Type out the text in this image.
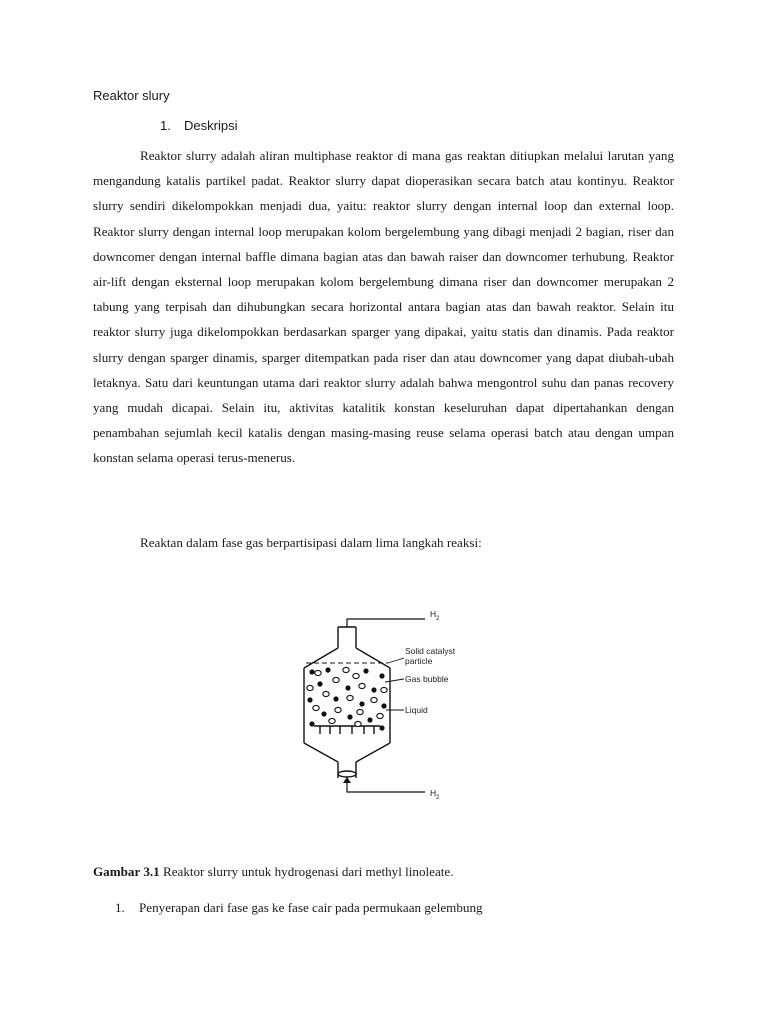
Reaktor slury
1. Deskripsi

Reaktor slurry adalah aliran multiphase reaktor di mana gas reaktan ditiupkan melalui larutan yang mengandung katalis partikel padat. Reaktor slurry dapat dioperasikan secara batch atau kontinyu. Reaktor slurry sendiri dikelompokkan menjadi dua, yaitu: reaktor slurry dengan internal loop dan external loop. Reaktor slurry dengan internal loop merupakan kolom bergelembung yang dibagi menjadi 2 bagian, riser dan downcomer dengan internal baffle dimana bagian atas dan bawah raiser dan downcomer terhubung. Reaktor air-lift dengan eksternal loop merupakan kolom bergelembung dimana riser dan downcomer merupakan 2 tabung yang terpisah dan dihubungkan secara horizontal antara bagian atas dan bawah reaktor. Selain itu reaktor slurry juga dikelompokkan berdasarkan sparger yang dipakai, yaitu statis dan dinamis. Pada reaktor slurry dengan sparger dinamis, sparger ditempatkan pada riser dan atau downcomer yang dapat diubah-ubah letaknya. Satu dari keuntungan utama dari reaktor slurry adalah bahwa mengontrol suhu dan panas recovery yang mudah dicapai. Selain itu, aktivitas katalitik konstan keseluruhan dapat dipertahankan dengan penambahan sejumlah kecil katalis dengan masing-masing reuse selama operasi batch atau dengan umpan konstan selama operasi terus-menerus.

Reaktan dalam fase gas berpartisipasi dalam lima langkah reaksi:

$H_2$
Solid catalyst
particle
Gas bubble
Liquid
$H_2$
Gambar 3.1 Reaktor slurry untuk hydrogenasi dari methyl linoleate.
1. Penyerapan dari fase gas ke fase cair pada permukaan gelembung
